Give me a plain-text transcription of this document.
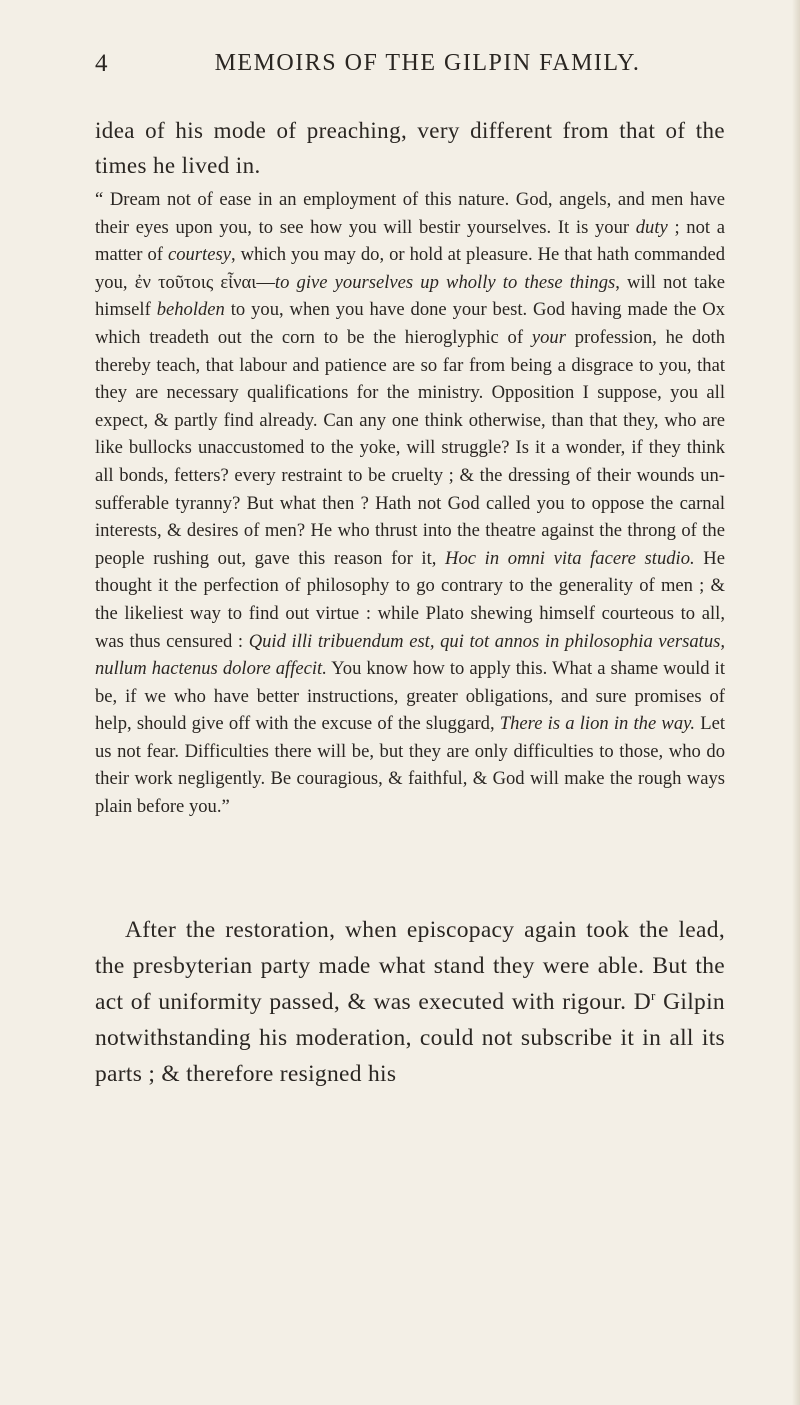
4	MEMOIRS OF THE GILPIN FAMILY.

idea of his mode of preaching, very different from that of the times he lived in.

“ Dream not of ease in an employment of this nature. God, angels, and men have their eyes upon you, to see how you will bestir yourselves. It is your duty ; not a matter of courtesy, which you may do, or hold at pleasure. He that hath commanded you, ἐν τοῦτοις εἶναι—to give yourselves up wholly to these things, will not take himself beholden to you, when you have done your best. God having made the Ox which treadeth out the corn to be the hieroglyphic of your profession, he doth thereby teach, that labour and patience are so far from being a disgrace to you, that they are necessary qualifications for the ministry. Opposition I suppose, you all expect, & partly find already. Can any one think otherwise, than that they, who are like bullocks unaccustomed to the yoke, will struggle? Is it a wonder, if they think all bonds, fetters? every restraint to be cruelty ; & the dressing of their wounds un-sufferable tyranny? But what then ? Hath not God called you to oppose the carnal interests, & desires of men? He who thrust into the theatre against the throng of the people rushing out, gave this reason for it, Hoc in omni vita facere studio. He thought it the perfection of philosophy to go contrary to the generality of men ; & the likeliest way to find out virtue : while Plato shewing himself courteous to all, was thus censured : Quid illi tribuendum est, qui tot annos in philosophia versatus, nullum hactenus dolore affecit. You know how to apply this. What a shame would it be, if we who have better instructions, greater obligations, and sure promises of help, should give off with the excuse of the sluggard, There is a lion in the way. Let us not fear. Difficulties there will be, but they are only difficulties to those, who do their work negligently. Be couragious, & faithful, & God will make the rough ways plain before you.”

After the restoration, when episcopacy again took the lead, the presbyterian party made what stand they were able. But the act of uniformity passed, & was executed with rigour. $D^r$ Gilpin notwithstanding his moderation, could not subscribe it in all its parts ; & therefore resigned his
